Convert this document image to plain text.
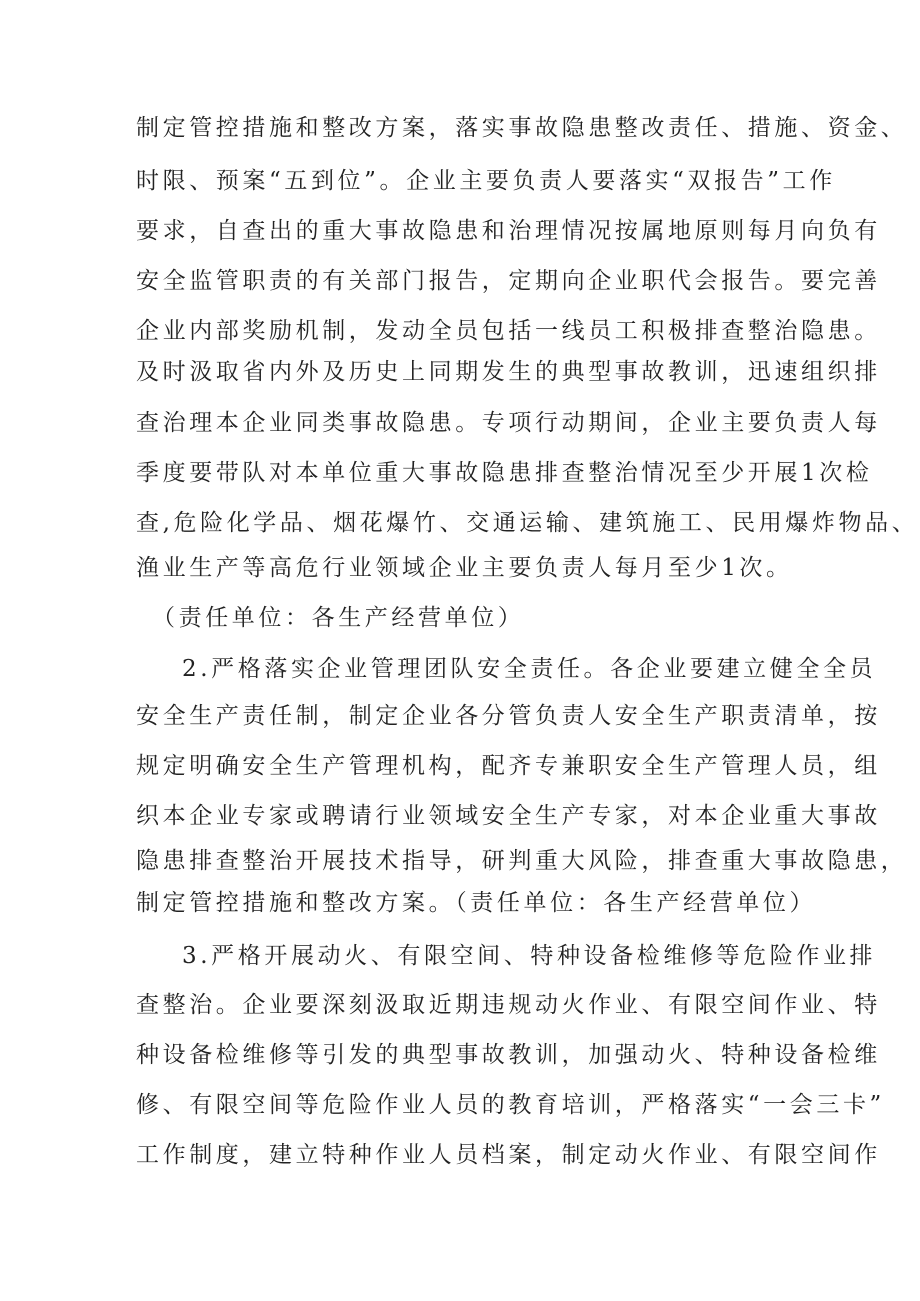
制定管控措施和整改方案，落实事故隐患整改责任、措施、资金、
时限、预案“五到位”。企业主要负责人要落实“双报告”工作
要求，自查出的重大事故隐患和治理情况按属地原则每月向负有
安全监管职责的有关部门报告，定期向企业职代会报告。要完善
企业内部奖励机制，发动全员包括一线员工积极排查整治隐患。
及时汲取省内外及历史上同期发生的典型事故教训，迅速组织排
查治理本企业同类事故隐患。专项行动期间，企业主要负责人每
季度要带队对本单位重大事故隐患排查整治情况至少开展1次检
查,危险化学品、烟花爆竹、交通运输、建筑施工、民用爆炸物品、
渔业生产等高危行业领域企业主要负责人每月至少1次。
（责任单位：各生产经营单位）
2.严格落实企业管理团队安全责任。各企业要建立健全全员
安全生产责任制，制定企业各分管负责人安全生产职责清单，按
规定明确安全生产管理机构，配齐专兼职安全生产管理人员，组
织本企业专家或聘请行业领域安全生产专家，对本企业重大事故
隐患排查整治开展技术指导，研判重大风险，排查重大事故隐患，
制定管控措施和整改方案。（责任单位：各生产经营单位）
3.严格开展动火、有限空间、特种设备检维修等危险作业排
查整治。企业要深刻汲取近期违规动火作业、有限空间作业、特
种设备检维修等引发的典型事故教训，加强动火、特种设备检维
修、有限空间等危险作业人员的教育培训，严格落实“一会三卡”
工作制度，建立特种作业人员档案，制定动火作业、有限空间作
